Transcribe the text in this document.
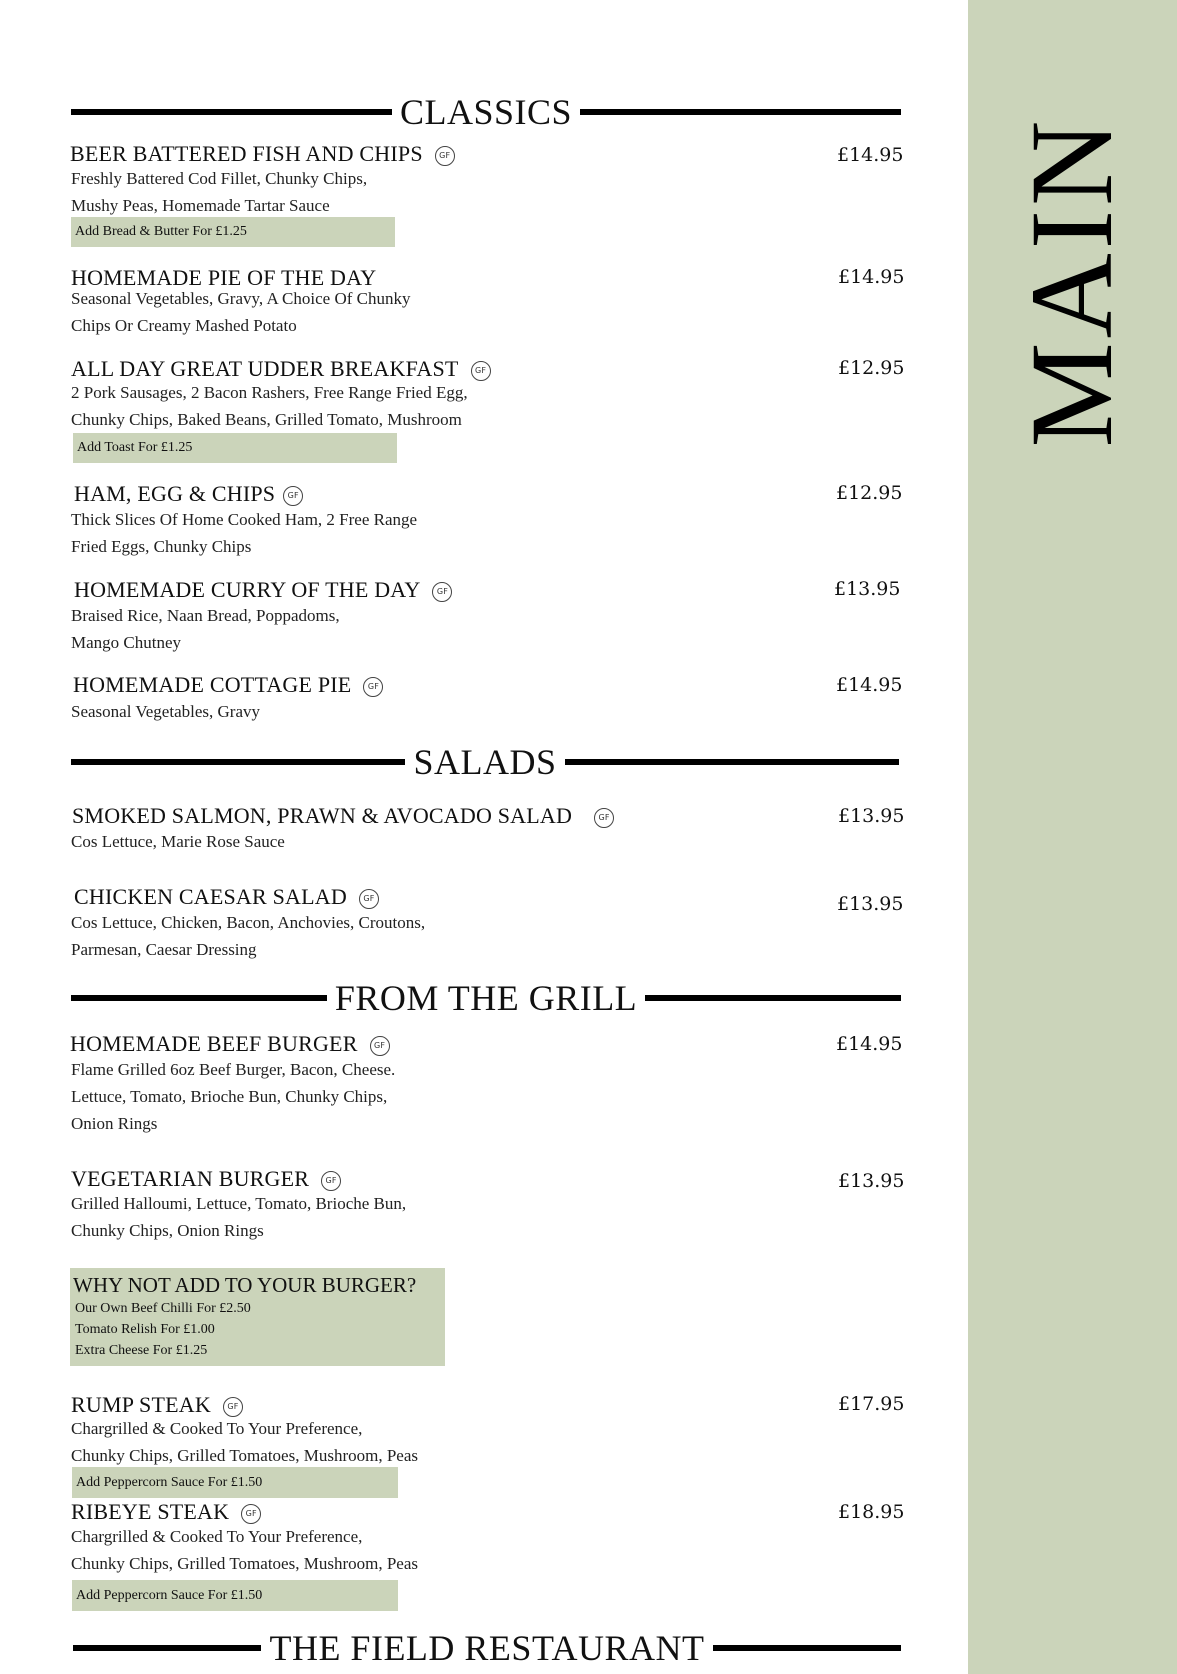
MAIN
CLASSICS
BEER BATTERED FISH AND CHIPS GF	£14.95
Freshly Battered Cod Fillet, Chunky Chips,
Mushy Peas, Homemade Tartar Sauce
Add Bread & Butter For £1.25
HOMEMADE PIE OF THE DAY	£14.95
Seasonal Vegetables, Gravy, A Choice Of Chunky
Chips Or Creamy Mashed Potato
ALL DAY GREAT UDDER BREAKFAST GF	£12.95
2 Pork Sausages, 2 Bacon Rashers, Free Range Fried Egg,
Chunky Chips, Baked Beans, Grilled Tomato, Mushroom
Add Toast For £1.25
HAM, EGG & CHIPS GF	£12.95
Thick Slices Of Home Cooked Ham, 2 Free Range
Fried Eggs, Chunky Chips
HOMEMADE CURRY OF THE DAY GF	£13.95
Braised Rice, Naan Bread, Poppadoms,
Mango Chutney
HOMEMADE COTTAGE PIE GF	£14.95
Seasonal Vegetables, Gravy
SALADS
SMOKED SALMON, PRAWN & AVOCADO SALAD	GF	£13.95
Cos Lettuce, Marie Rose Sauce
CHICKEN CAESAR SALAD GF	£13.95
Cos Lettuce, Chicken, Bacon, Anchovies, Croutons,
Parmesan, Caesar Dressing
FROM THE GRILL
HOMEMADE BEEF BURGER GF	£14.95
Flame Grilled 6oz Beef Burger, Bacon, Cheese.
Lettuce, Tomato, Brioche Bun, Chunky Chips,
Onion Rings
VEGETARIAN BURGER GF	£13.95
Grilled Halloumi, Lettuce, Tomato, Brioche Bun,
Chunky Chips, Onion Rings
WHY NOT ADD TO YOUR BURGER?
Our Own Beef Chilli For £2.50
Tomato Relish For £1.00
Extra Cheese For £1.25
RUMP STEAK GF	£17.95
Chargrilled & Cooked To Your Preference,
Chunky Chips, Grilled Tomatoes, Mushroom, Peas
Add Peppercorn Sauce For £1.50
RIBEYE STEAK GF	£18.95
Chargrilled & Cooked To Your Preference,
Chunky Chips, Grilled Tomatoes, Mushroom, Peas
Add Peppercorn Sauce For £1.50
THE FIELD RESTAURANT
